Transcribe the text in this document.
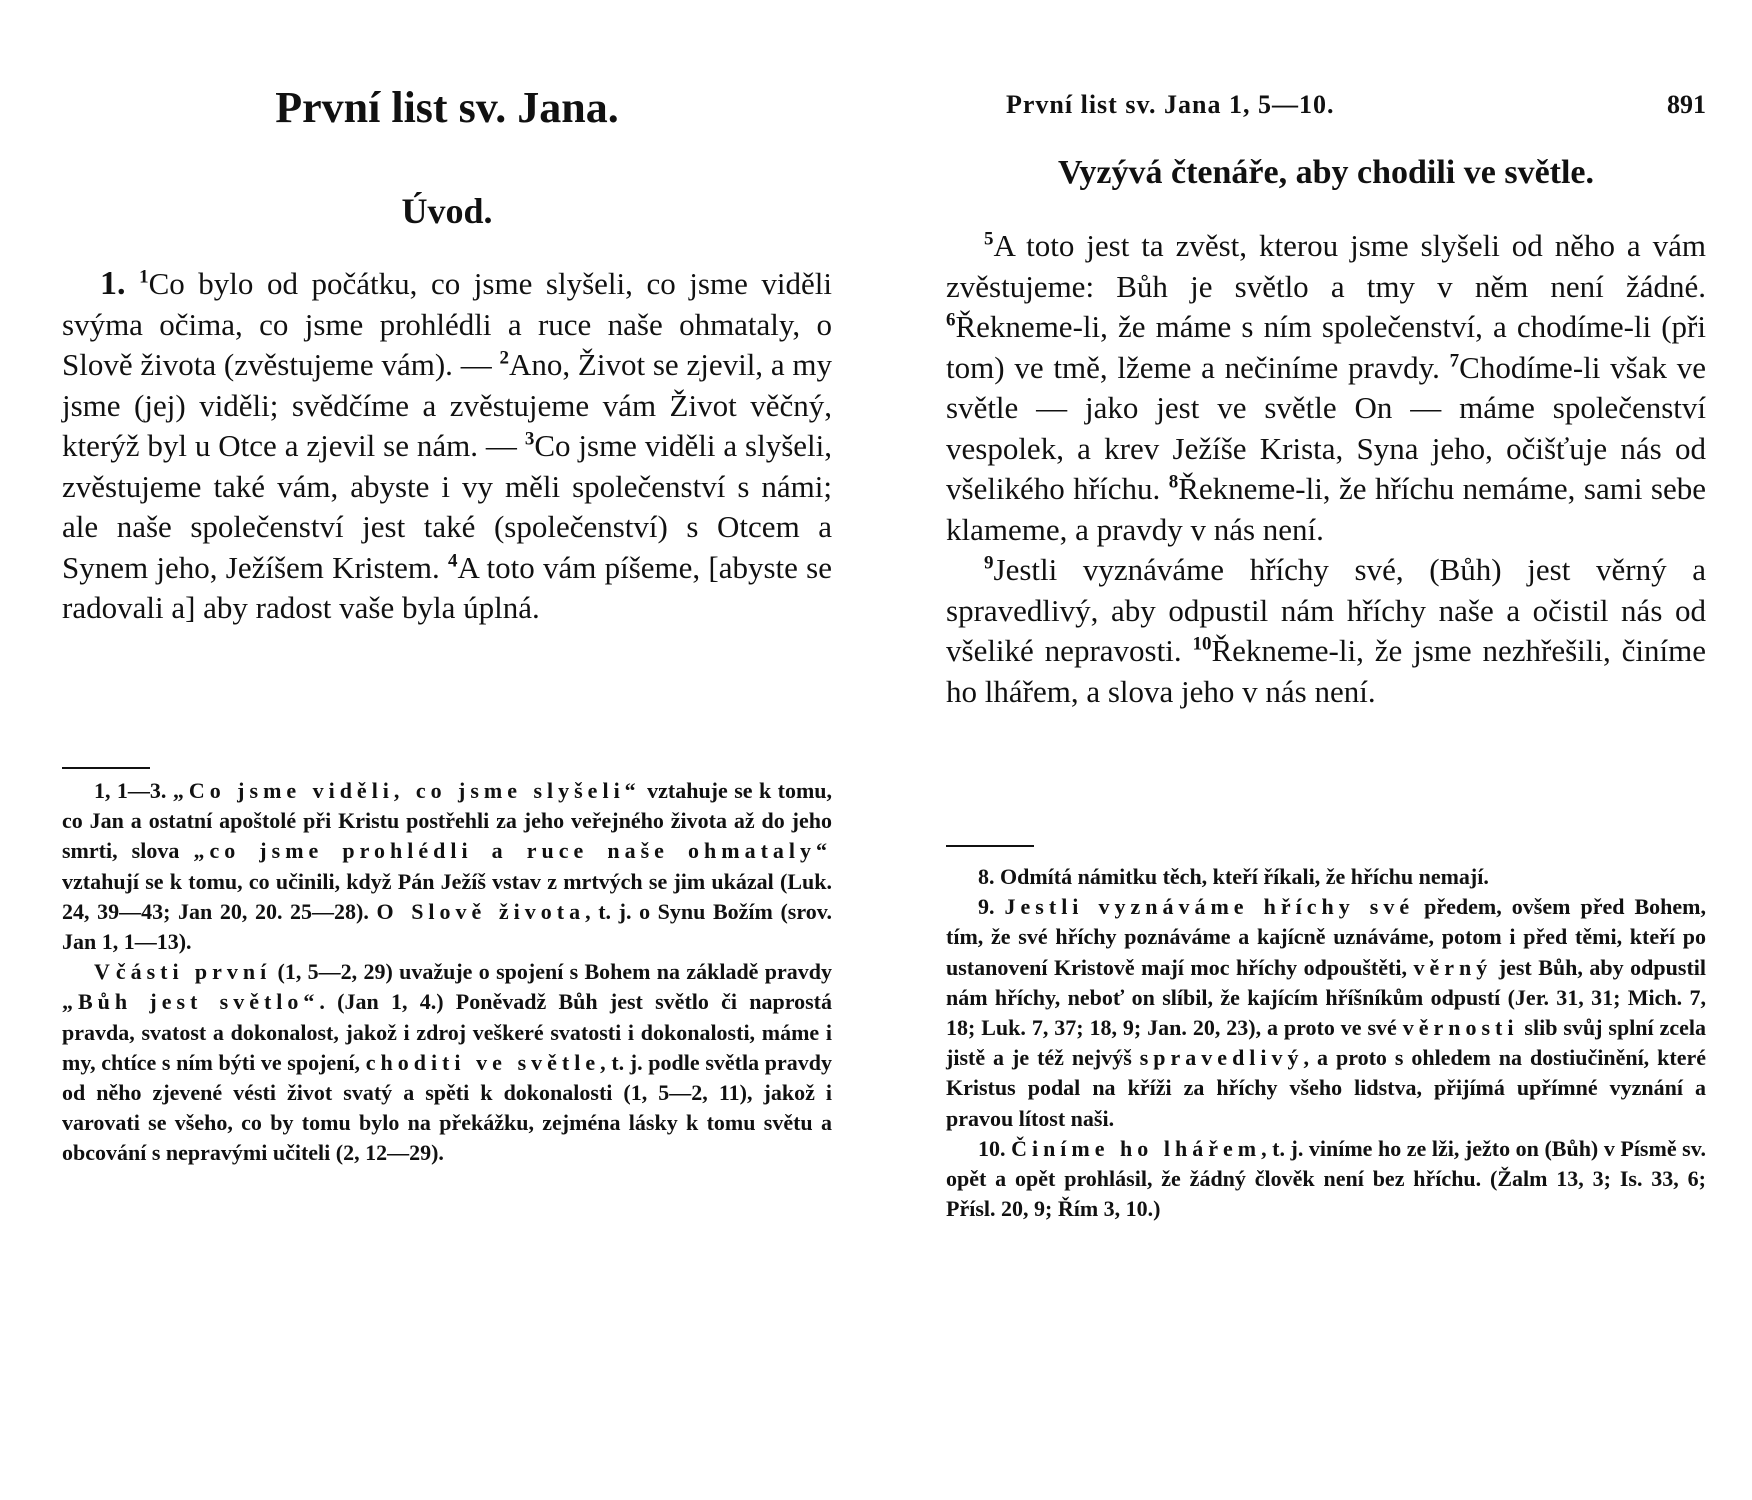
První list sv. Jana.
Úvod.

1. $^1$Co bylo od počátku, co jsme slyšeli, co jsme viděli svýma očima, co jsme prohlédli a ruce naše ohmataly, o Slově života (zvěstujeme vám). — $^2$Ano, Život se zjevil, a my jsme (jej) viděli; svědčíme a zvěstujeme vám Život věčný, kterýž byl u Otce a zjevil se nám. — $^3$Co jsme viděli a slyšeli, zvěstujeme také vám, abyste i vy měli společenství s námi; ale naše společenství jest také (společenství) s Otcem a Synem jeho, Ježíšem Kristem. $^4$A toto vám píšeme, [abyste se radovali a] aby radost vaše byla úplná.

1, 1—3. „Co jsme viděli, co jsme slyšeli“ vztahuje se k tomu, co Jan a ostatní apoštolé při Kristu postřehli za jeho veřejného života až do jeho smrti, slova „co jsme prohlédli a ruce naše ohmataly“ vztahují se k tomu, co učinili, když Pán Ježíš vstav z mrtvých se jim ukázal (Luk. 24, 39—43; Jan 20, 20. 25—28). O Slově života, t. j. o Synu Božím (srov. Jan 1, 1—13).

V části první (1, 5—2, 29) uvažuje o spojení s Bohem na základě pravdy „Bůh jest světlo“. (Jan 1, 4.) Poněvadž Bůh jest světlo či naprostá pravda, svatost a dokonalost, jakož i zdroj veškeré svatosti i dokonalosti, máme i my, chtíce s ním býti ve spojení, choditi ve světle, t. j. podle světla pravdy od něho zjevené vésti život svatý a spěti k dokonalosti (1, 5—2, 11), jakož i varovati se všeho, co by tomu bylo na překážku, zejména lásky k tomu světu a obcování s nepravými učiteli (2, 12—29).

První list sv. Jana 1, 5—10.	891
Vyzývá čtenáře, aby chodili ve světle.

$^5$A toto jest ta zvěst, kterou jsme slyšeli od něho a vám zvěstujeme: Bůh je světlo a tmy v něm není žádné. $^6$Řekneme-li, že máme s ním společenství, a chodíme-li (při tom) ve tmě, lžeme a nečiníme pravdy. $^7$Chodíme-li však ve světle — jako jest ve světle On — máme společenství vespolek, a krev Ježíše Krista, Syna jeho, očišťuje nás od všelikého hříchu. $^8$Řekneme-li, že hříchu nemáme, sami sebe klameme, a pravdy v nás není.

$^9$Jestli vyznáváme hříchy své, (Bůh) jest věrný a spravedlivý, aby odpustil nám hříchy naše a očistil nás od všeliké nepravosti. $^{10}$Řekneme-li, že jsme nezhřešili, činíme ho lhářem, a slova jeho v nás není.

8. Odmítá námitku těch, kteří říkali, že hříchu nemají.

9. Jestli vyznáváme hříchy své předem, ovšem před Bohem, tím, že své hříchy poznáváme a kajícně uznáváme, potom i před těmi, kteří po ustanovení Kristově mají moc hříchy odpouštěti, věrný jest Bůh, aby odpustil nám hříchy, neboť on slíbil, že kajícím hříšníkům odpustí (Jer. 31, 31; Mich. 7, 18; Luk. 7, 37; 18, 9; Jan. 20, 23), a proto ve své věrnosti slib svůj splní zcela jistě a je též nejvýš spravedlivý, a proto s ohledem na dostiučinění, které Kristus podal na kříži za hříchy všeho lidstva, přijímá upřímné vyznání a pravou lítost naši.

10. Činíme ho lhářem, t. j. viníme ho ze lži, ježto on (Bůh) v Písmě sv. opět a opět prohlásil, že žádný člověk není bez hříchu. (Žalm 13, 3; Is. 33, 6; Přísl. 20, 9; Řím 3, 10.)
